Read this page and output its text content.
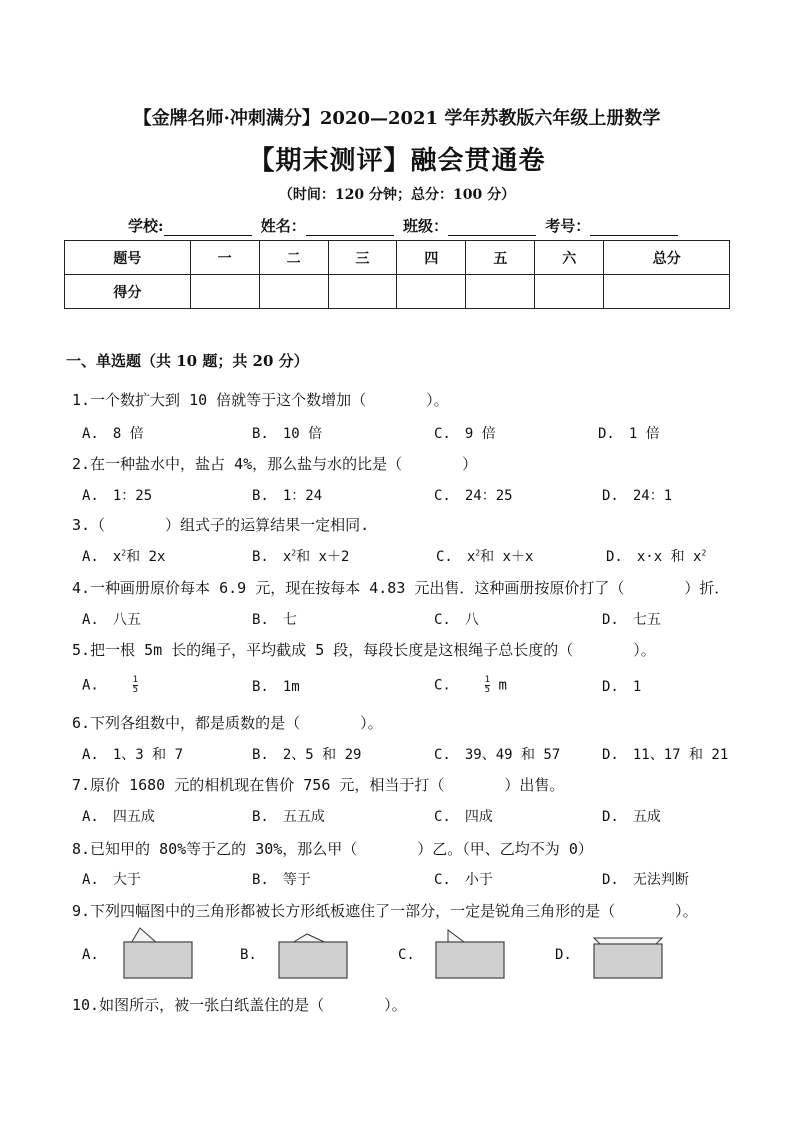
【金牌名师·冲刺满分】2020—2021 学年苏教版六年级上册数学
【期末测评】融会贯通卷
（时间：120 分钟；总分：100 分）
学校:	姓名：	班级：	考号：
题号	一	二	三	四	五	六	总分
得分							
一、单选题（共 10 题；共 20 分）
1.一个数扩大到 10 倍就等于这个数增加（　　　　）。
A.　8 倍	B.　10 倍	C.　9 倍	D.　1 倍
2.在一种盐水中，盐占 4%，那么盐与水的比是（　　　　）
A.　1：25	B.　1：24	C.　24：25	D.　24：1
3.（　　　　）组式子的运算结果一定相同.
A.　$x^2$和 2x	B.　$x^2$和 x＋2	C.　$x^2$和 x＋x	D.　x·x 和 $x^2$
4.一种画册原价每本 6.9 元，现在按每本 4.83 元出售．这种画册按原价打了（　　　　）折．
A.　八五	B.　七	C.　八	D.　七五
5.把一根 5m 长的绳子，平均截成 5 段，每段长度是这根绳子总长度的（　　　　）。
A.	$\frac{1}{5}$	B.　1m	C.	$\frac{1}{5}$ m	D.　1
6.下列各组数中，都是质数的是（　　　　）。
A.　1、3 和 7	B.　2、5 和 29	C.　39、49 和 57	D.　11、17 和 21
7.原价 1680 元的相机现在售价 756 元，相当于打（　　　　）出售。
A.　四五成	B.　五五成	C.　四成	D.　五成
8.已知甲的 80%等于乙的 30%，那么甲（　　　　）乙。（甲、乙均不为 0）
A.　大于	B.　等于	C.　小于	D.　无法判断
9.下列四幅图中的三角形都被长方形纸板遮住了一部分，一定是锐角三角形的是（　　　　）。
A.	B.	C.	D.
10.如图所示，被一张白纸盖住的是（　　　　）。
